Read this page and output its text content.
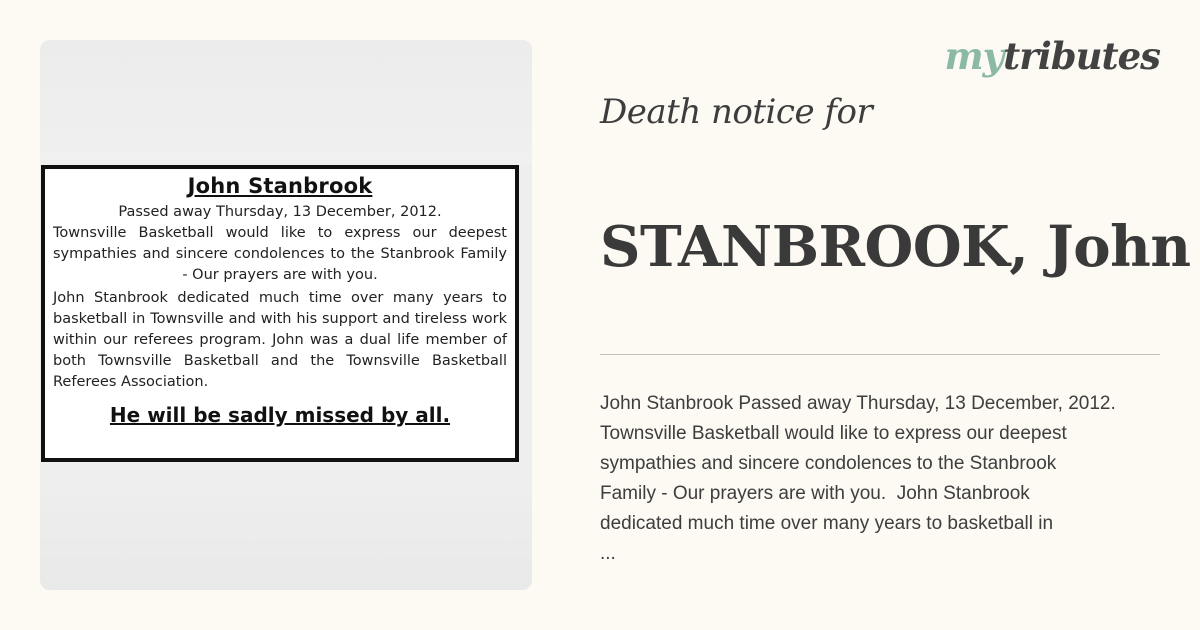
John Stanbrook
Passed away Thursday, 13 December, 2012.
Townsville Basketball would like to express our deepest sympathies and sincere condolences to the Stanbrook Family - Our prayers are with you.
John Stanbrook dedicated much time over many years to basketball in Townsville and with his support and tireless work within our referees program. John was a dual life member of both Townsville Basketball and the Townsville Basketball Referees Association.
He will be sadly missed by all.
mytributes
Death notice for
STANBROOK, John

John Stanbrook Passed away Thursday, 13 December, 2012.

Townsville Basketball would like to express our deepest

sympathies and sincere condolences to the Stanbrook

Family - Our prayers are with you.  John Stanbrook

dedicated much time over many years to basketball in

...
